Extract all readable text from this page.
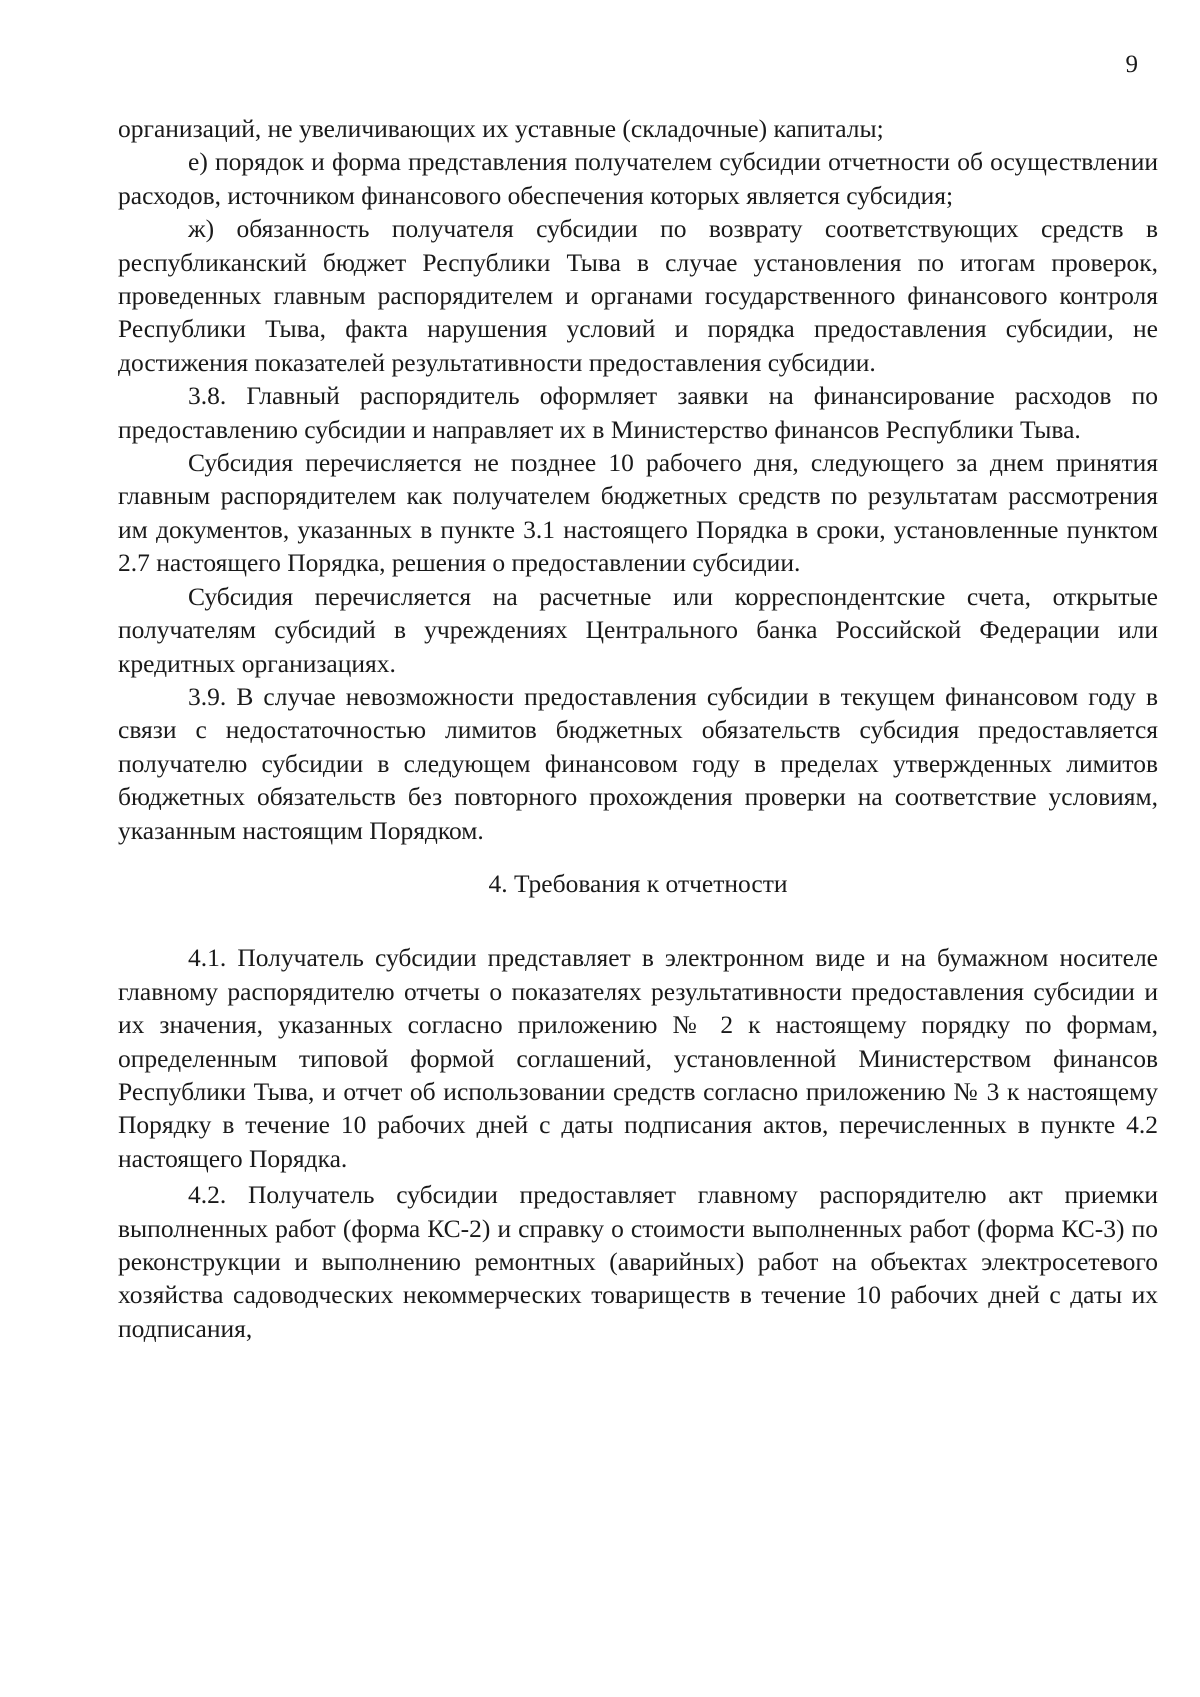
9

организаций, не увеличивающих их уставные (складочные) капиталы;

е) порядок и форма представления получателем субсидии отчетности об осуществлении расходов, источником финансового обеспечения которых является субсидия;

ж) обязанность получателя субсидии по возврату соответствующих средств в республиканский бюджет Республики Тыва в случае установления по итогам проверок, проведенных главным распорядителем и органами государственного финансового контроля Республики Тыва, факта нарушения условий и порядка предоставления субсидии, не достижения показателей результативности предоставления субсидии.

3.8. Главный распорядитель оформляет заявки на финансирование расходов по предоставлению субсидии и направляет их в Министерство финансов Республики Тыва.

Субсидия перечисляется не позднее 10 рабочего дня, следующего за днем принятия главным распорядителем как получателем бюджетных средств по результатам рассмотрения им документов, указанных в пункте 3.1 настоящего Порядка в сроки, установленные пунктом 2.7 настоящего Порядка, решения о предоставлении субсидии.

Субсидия перечисляется на расчетные или корреспондентские счета, открытые получателям субсидий в учреждениях Центрального банка Российской Федерации или кредитных организациях.

3.9. В случае невозможности предоставления субсидии в текущем финансовом году в связи с недостаточностью лимитов бюджетных обязательств субсидия предоставляется получателю субсидии в следующем финансовом году в пределах утвержденных лимитов бюджетных обязательств без повторного прохождения проверки на соответствие условиям, указанным настоящим Порядком.

4. Требования к отчетности

4.1. Получатель субсидии представляет в электронном виде и на бумажном носителе главному распорядителю отчеты о показателях результативности предоставления субсидии и их значения, указанных согласно приложению № 2 к настоящему порядку по формам, определенным типовой формой соглашений, установленной Министерством финансов Республики Тыва, и отчет об использовании средств согласно приложению № 3 к настоящему Порядку в течение 10 рабочих дней с даты подписания актов, перечисленных в пункте 4.2 настоящего Порядка.

4.2. Получатель субсидии предоставляет главному распорядителю акт приемки выполненных работ (форма КС-2) и справку о стоимости выполненных работ (форма КС-3) по реконструкции и выполнению ремонтных (аварийных) работ на объектах электросетевого хозяйства садоводческих некоммерческих товариществ в течение 10 рабочих дней с даты их подписания,
